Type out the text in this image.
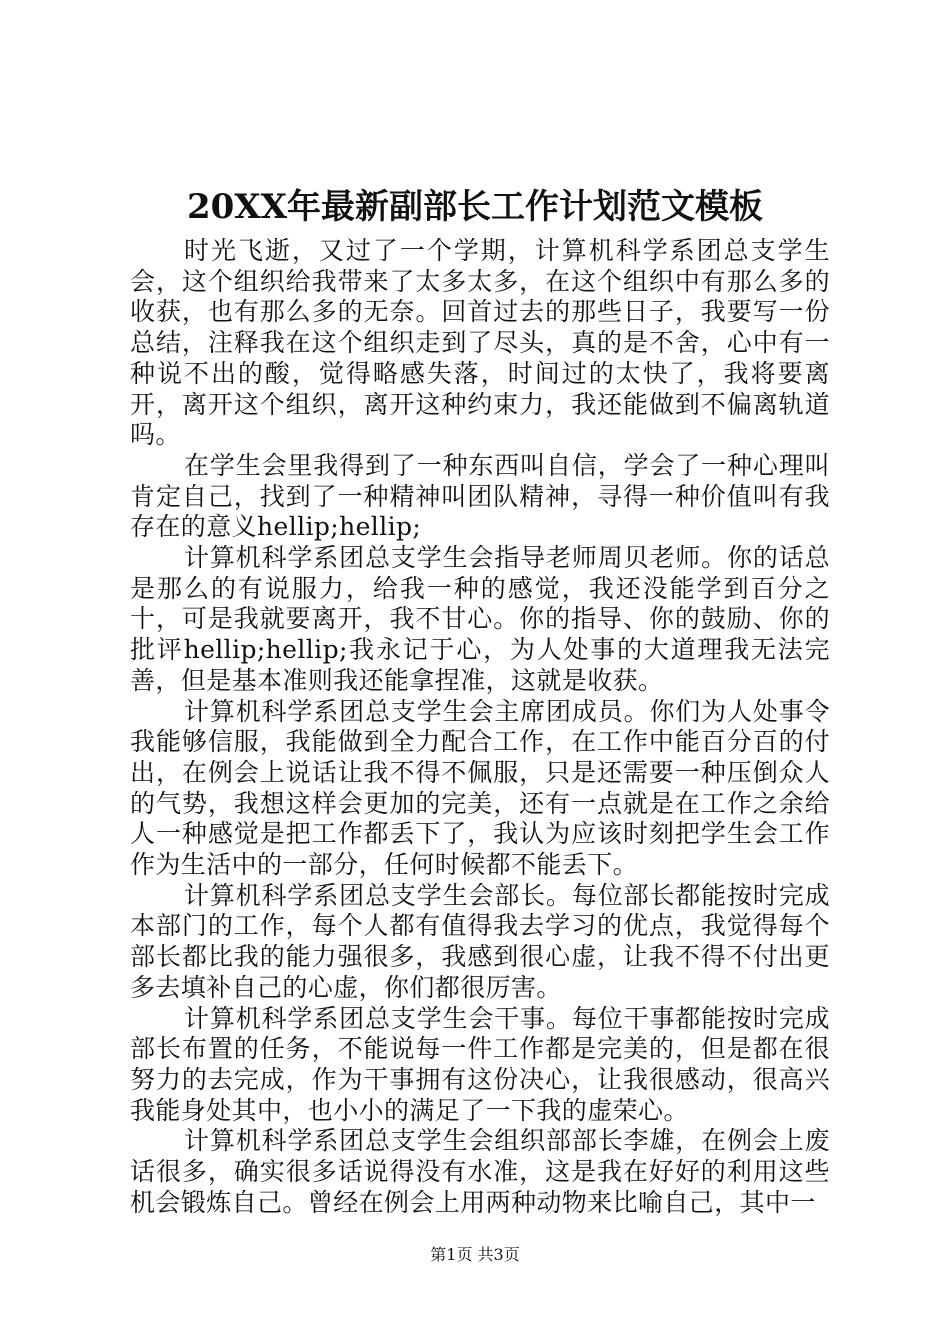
20XX年最新副部长工作计划范文模板

时光飞逝，又过了一个学期，计算机科学系团总支学生会，这个组织给我带来了太多太多，在这个组织中有那么多的收获，也有那么多的无奈。回首过去的那些日子，我要写一份总结，注释我在这个组织走到了尽头，真的是不舍，心中有一种说不出的酸，觉得略感失落，时间过的太快了，我将要离开，离开这个组织，离开这种约束力，我还能做到不偏离轨道吗。

在学生会里我得到了一种东西叫自信，学会了一种心理叫肯定自己，找到了一种精神叫团队精神，寻得一种价值叫有我存在的意义hellip;hellip;

计算机科学系团总支学生会指导老师周贝老师。你的话总是那么的有说服力，给我一种的感觉，我还没能学到百分之十，可是我就要离开，我不甘心。你的指导、你的鼓励、你的批评hellip;hellip;我永记于心，为人处事的大道理我无法完善，但是基本准则我还能拿捏准，这就是收获。

计算机科学系团总支学生会主席团成员。你们为人处事令我能够信服，我能做到全力配合工作，在工作中能百分百的付出，在例会上说话让我不得不佩服，只是还需要一种压倒众人的气势，我想这样会更加的完美，还有一点就是在工作之余给人一种感觉是把工作都丢下了，我认为应该时刻把学生会工作作为生活中的一部分，任何时候都不能丢下。

计算机科学系团总支学生会部长。每位部长都能按时完成本部门的工作，每个人都有值得我去学习的优点，我觉得每个部长都比我的能力强很多，我感到很心虚，让我不得不付出更多去填补自己的心虚，你们都很厉害。

计算机科学系团总支学生会干事。每位干事都能按时完成部长布置的任务，不能说每一件工作都是完美的，但是都在很努力的去完成，作为干事拥有这份决心，让我很感动，很高兴我能身处其中，也小小的满足了一下我的虚荣心。

计算机科学系团总支学生会组织部部长李雄，在例会上废话很多，确实很多话说得没有水准，这是我在好好的利用这些机会锻炼自己。曾经在例会上用两种动物来比喻自己，其中一

第1页 共3页
